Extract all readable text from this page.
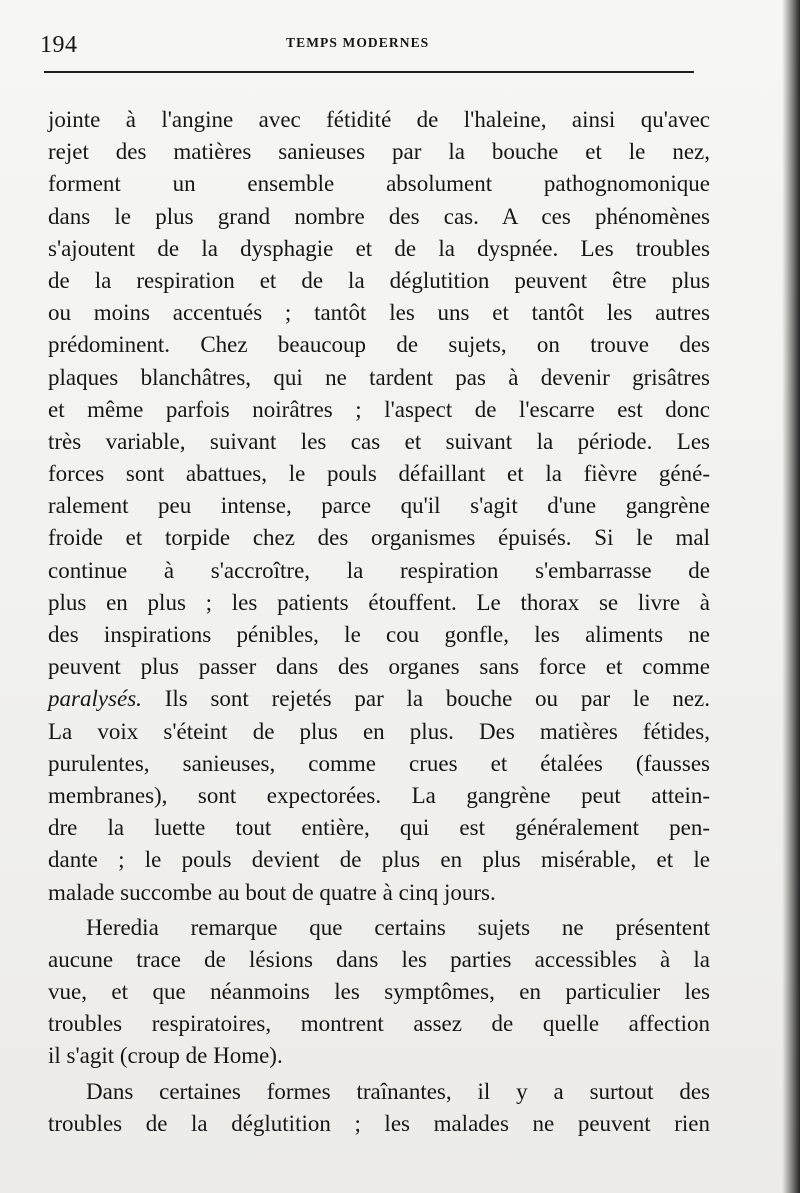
194	TEMPS MODERNES
jointe à l'angine avec fétidité de l'haleine, ainsi qu'avec
rejet des matières sanieuses par la bouche et le nez,
forment un ensemble absolument pathognomonique
dans le plus grand nombre des cas. A ces phénomènes
s'ajoutent de la dysphagie et de la dyspnée. Les troubles
de la respiration et de la déglutition peuvent être plus
ou moins accentués ; tantôt les uns et tantôt les autres
prédominent. Chez beaucoup de sujets, on trouve des
plaques blanchâtres, qui ne tardent pas à devenir grisâtres
et même parfois noirâtres ; l'aspect de l'escarre est donc
très variable, suivant les cas et suivant la période. Les
forces sont abattues, le pouls défaillant et la fièvre géné-
ralement peu intense, parce qu'il s'agit d'une gangrène
froide et torpide chez des organismes épuisés. Si le mal
continue à s'accroître, la respiration s'embarrasse de
plus en plus ; les patients étouffent. Le thorax se livre à
des inspirations pénibles, le cou gonfle, les aliments ne
peuvent plus passer dans des organes sans force et comme
paralysés. Ils sont rejetés par la bouche ou par le nez.
La voix s'éteint de plus en plus. Des matières fétides,
purulentes, sanieuses, comme crues et étalées (fausses
membranes), sont expectorées. La gangrène peut attein-
dre la luette tout entière, qui est généralement pen-
dante ; le pouls devient de plus en plus misérable, et le
malade succombe au bout de quatre à cinq jours.
Heredia remarque que certains sujets ne présentent
aucune trace de lésions dans les parties accessibles à la
vue, et que néanmoins les symptômes, en particulier les
troubles respiratoires, montrent assez de quelle affection
il s'agit (croup de Home).
Dans certaines formes traînantes, il y a surtout des
troubles de la déglutition ; les malades ne peuvent rien
